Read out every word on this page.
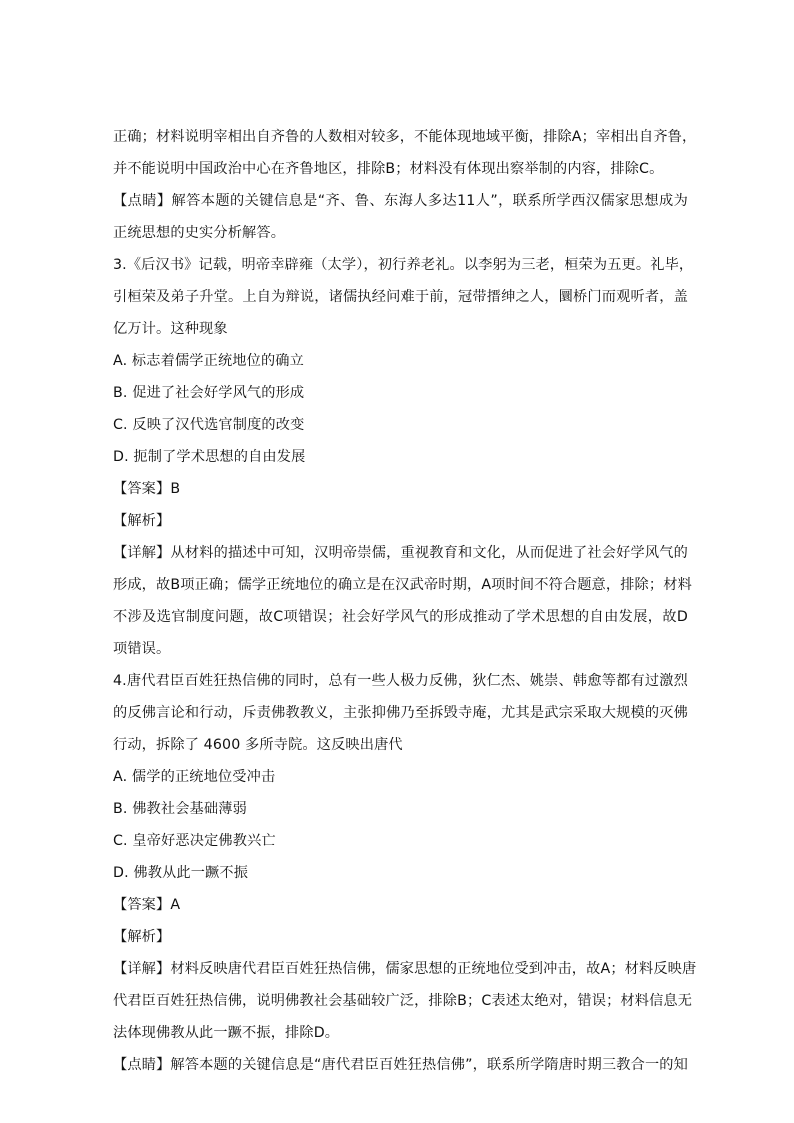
正确；材料说明宰相出自齐鲁的人数相对较多，不能体现地域平衡，排除A；宰相出自齐鲁，
并不能说明中国政治中心在齐鲁地区，排除B；材料没有体现出察举制的内容，排除C。
【点睛】解答本题的关键信息是“齐、鲁、东海人多达11人”，联系所学西汉儒家思想成为
正统思想的史实分析解答。
3.《后汉书》记载，明帝幸辟雍（太学），初行养老礼。以李躬为三老，桓荣为五更。礼毕，
引桓荣及弟子升堂。上自为辩说，诸儒执经问难于前，冠带搢绅之人，圜桥门而观听者，盖
亿万计。这种现象
A. 标志着儒学正统地位的确立
B. 促进了社会好学风气的形成
C. 反映了汉代选官制度的改变
D. 扼制了学术思想的自由发展
【答案】B
【解析】
【详解】从材料的描述中可知，汉明帝崇儒，重视教育和文化，从而促进了社会好学风气的
形成，故B项正确；儒学正统地位的确立是在汉武帝时期，A项时间不符合题意，排除；材料
不涉及选官制度问题，故C项错误；社会好学风气的形成推动了学术思想的自由发展，故D
项错误。
4.唐代君臣百姓狂热信佛的同时，总有一些人极力反佛，狄仁杰、姚崇、韩愈等都有过激烈
的反佛言论和行动，斥责佛教教义，主张抑佛乃至拆毁寺庵，尤其是武宗采取大规模的灭佛
行动，拆除了 4600 多所寺院。这反映出唐代
A. 儒学的正统地位受冲击
B. 佛教社会基础薄弱
C. 皇帝好恶决定佛教兴亡
D. 佛教从此一蹶不振
【答案】A
【解析】
【详解】材料反映唐代君臣百姓狂热信佛，儒家思想的正统地位受到冲击，故A；材料反映唐
代君臣百姓狂热信佛，说明佛教社会基础较广泛，排除B；C表述太绝对，错误；材料信息无
法体现佛教从此一蹶不振，排除D。
【点睛】解答本题的关键信息是“唐代君臣百姓狂热信佛”，联系所学隋唐时期三教合一的知
